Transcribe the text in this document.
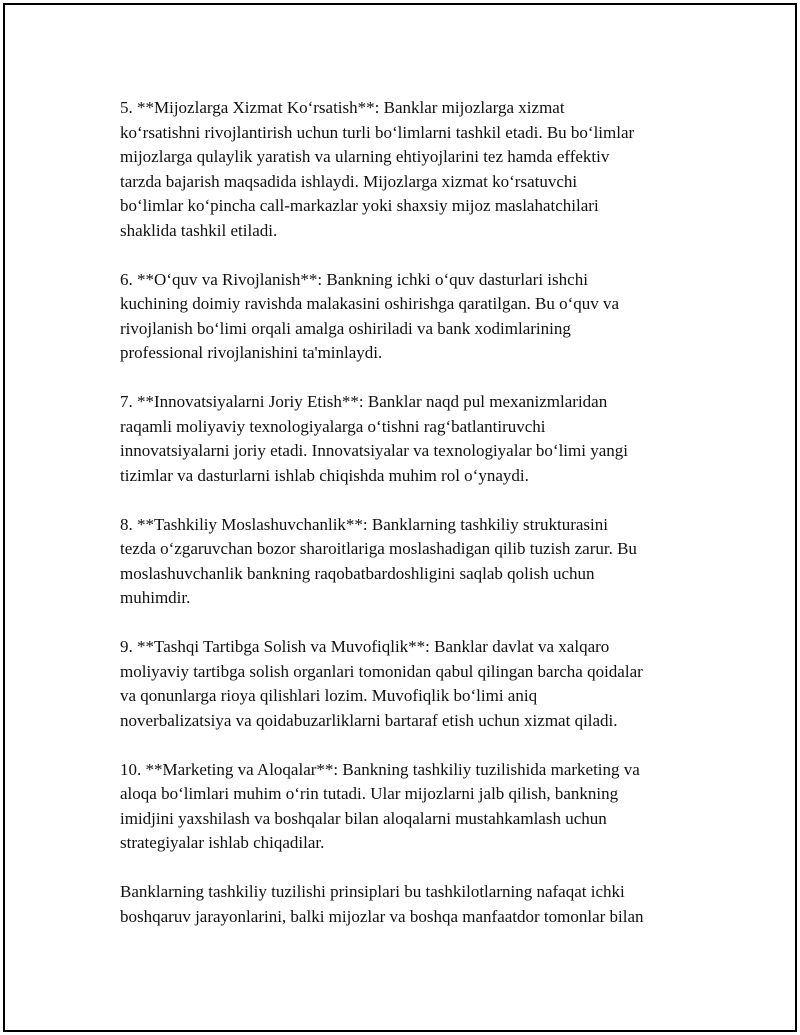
5. **Mijozlarga Xizmat Ko‘rsatish**: Banklar mijozlarga xizmat
ko‘rsatishni rivojlantirish uchun turli bo‘limlarni tashkil etadi. Bu bo‘limlar
mijozlarga qulaylik yaratish va ularning ehtiyojlarini tez hamda effektiv
tarzda bajarish maqsadida ishlaydi. Mijozlarga xizmat ko‘rsatuvchi
bo‘limlar ko‘pincha call-markazlar yoki shaxsiy mijoz maslahatchilari
shaklida tashkil etiladi.

6. **O‘quv va Rivojlanish**: Bankning ichki o‘quv dasturlari ishchi
kuchining doimiy ravishda malakasini oshirishga qaratilgan. Bu o‘quv va
rivojlanish bo‘limi orqali amalga oshiriladi va bank xodimlarining
professional rivojlanishini ta'minlaydi.

7. **Innovatsiyalarni Joriy Etish**: Banklar naqd pul mexanizmlaridan
raqamli moliyaviy texnologiyalarga o‘tishni rag‘batlantiruvchi
innovatsiyalarni joriy etadi. Innovatsiyalar va texnologiyalar bo‘limi yangi
tizimlar va dasturlarni ishlab chiqishda muhim rol o‘ynaydi.

8. **Tashkiliy Moslashuvchanlik**: Banklarning tashkiliy strukturasini
tezda o‘zgaruvchan bozor sharoitlariga moslashadigan qilib tuzish zarur. Bu
moslashuvchanlik bankning raqobatbardoshligini saqlab qolish uchun
muhimdir.

9. **Tashqi Tartibga Solish va Muvofiqlik**: Banklar davlat va xalqaro
moliyaviy tartibga solish organlari tomonidan qabul qilingan barcha qoidalar
va qonunlarga rioya qilishlari lozim. Muvofiqlik bo‘limi aniq
noverbalizatsiya va qoidabuzarliklarni bartaraf etish uchun xizmat qiladi.

10. **Marketing va Aloqalar**: Bankning tashkiliy tuzilishida marketing va
aloqa bo‘limlari muhim o‘rin tutadi. Ular mijozlarni jalb qilish, bankning
imidjini yaxshilash va boshqalar bilan aloqalarni mustahkamlash uchun
strategiyalar ishlab chiqadilar.

Banklarning tashkiliy tuzilishi prinsiplari bu tashkilotlarning nafaqat ichki
boshqaruv jarayonlarini, balki mijozlar va boshqa manfaatdor tomonlar bilan
